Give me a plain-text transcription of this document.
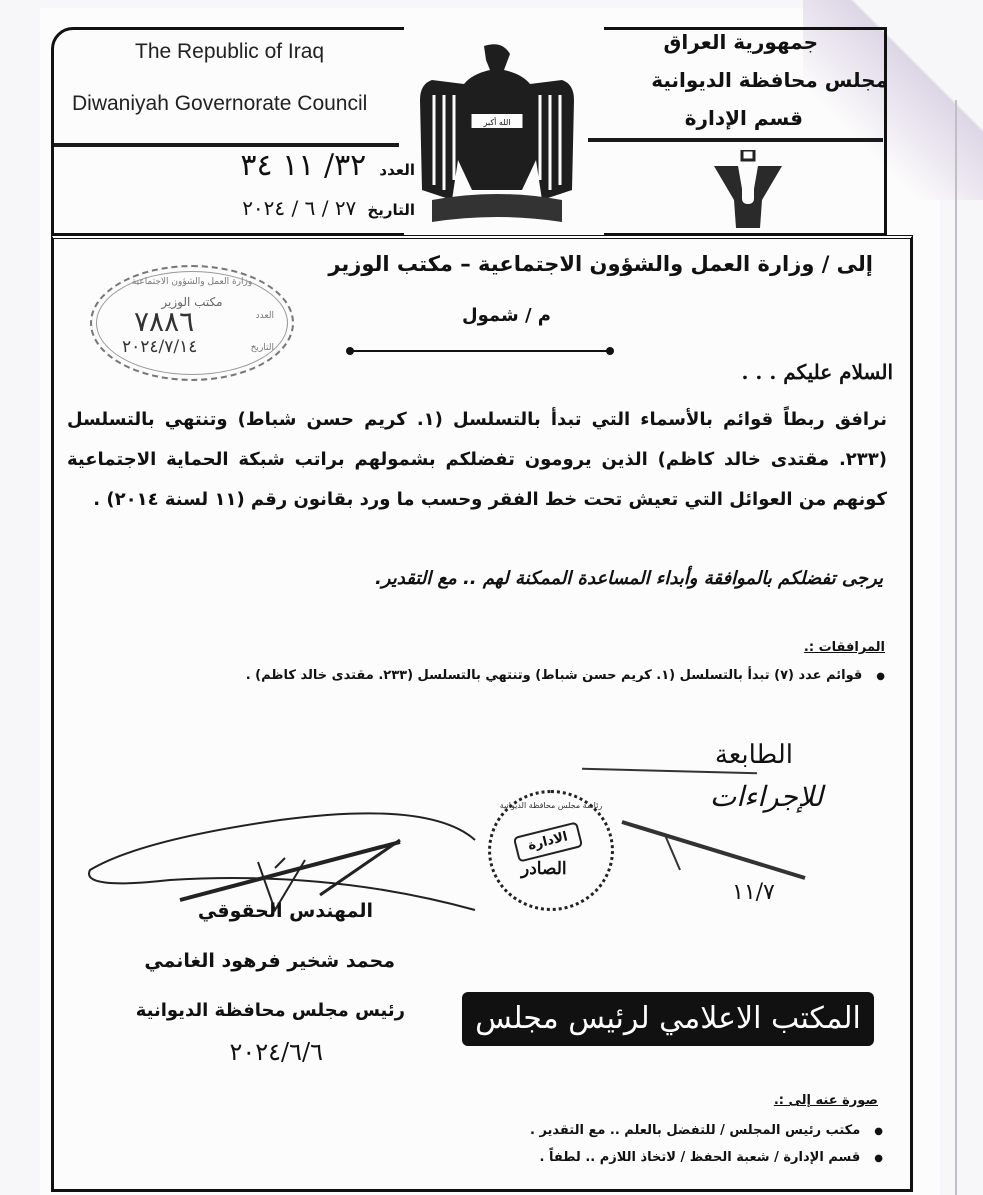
The Republic of Iraq
Diwaniyah Governorate Council
جمهورية العراق
مجلس محافظة الديوانية
قسم الإدارة
العدد ٣٢/ ١١ ٣٤
التاريخ ٢٧ / ٦ / ٢٠٢٤
الله أكبر
إلى / وزارة العمل والشؤون الاجتماعية – مكتب الوزير
م / شمول
وزارة العمل والشؤون الاجتماعية
مكتب الوزير
العدد
٧٨٨٦
التاريخ
٢٠٢٤/٧/١٤
السلام عليكم . . .
نرافق ربطاً قوائم بالأسماء التي تبدأ بالتسلسل (١. كريم حسن شباط) وتنتهي بالتسلسل (٢٣٣. مقتدى خالد كاظم) الذين يرومون تفضلكم بشمولهم براتب شبكة الحماية الاجتماعية كونهم من العوائل التي تعيش تحت خط الفقر وحسب ما ورد بقانون رقم (١١ لسنة ٢٠١٤) .
يرجى تفضلكم بالموافقة وأبداء المساعدة الممكنة لهم .. مع التقدير.
المرافقات :.
● قوائم عدد (٧) تبدأ بالتسلسل (١. كريم حسن شباط) وتنتهي بالتسلسل (٢٣٣. مقتدى خالد كاظم) .
الطابعة
للإجراءات
١١/٧
رئاسة مجلس محافظة الديوانية
الادارة
الصادر
المهندس الحقوقي
محمد شخير فرهود الغانمي
رئيس مجلس محافظة الديوانية
٢٠٢٤/٦/٦
المكتب الاعلامي لرئيس مجلس
صورة عنه إلى :.
● مكتب رئيس المجلس / للتفضل بالعلم .. مع التقدير .
● قسم الإدارة / شعبة الحفظ / لاتخاذ اللازم .. لطفاً .
